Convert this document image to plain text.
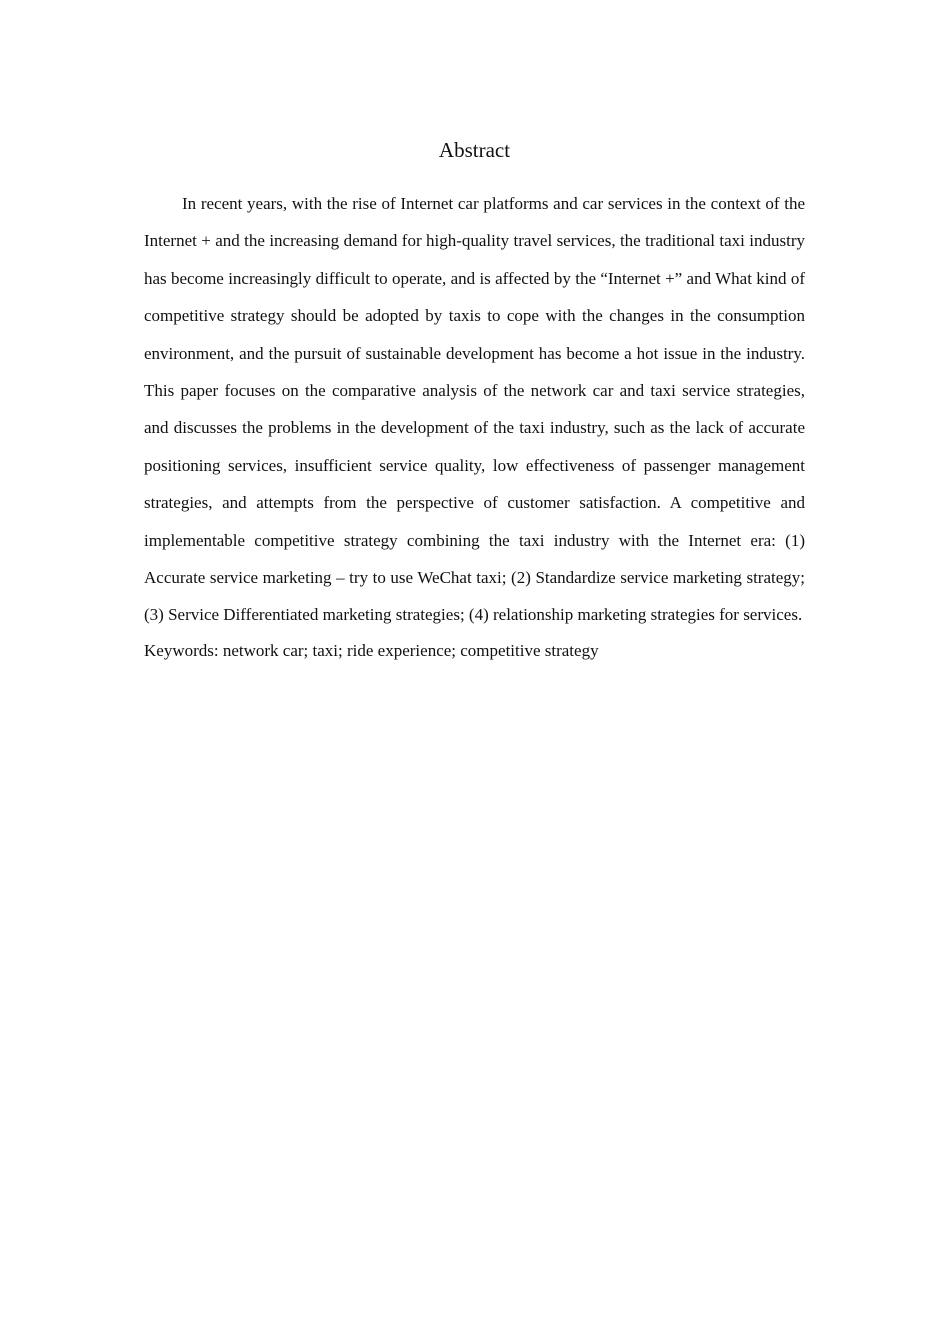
Abstract

In recent years, with the rise of Internet car platforms and car services in the context of the Internet + and the increasing demand for high-quality travel services, the traditional taxi industry has become increasingly difficult to operate, and is affected by the “Internet +” and What kind of competitive strategy should be adopted by taxis to cope with the changes in the consumption environment, and the pursuit of sustainable development has become a hot issue in the industry. This paper focuses on the comparative analysis of the network car and taxi service strategies, and discusses the problems in the development of the taxi industry, such as the lack of accurate positioning services, insufficient service quality, low effectiveness of passenger management strategies, and attempts from the perspective of customer satisfaction. A competitive and implementable competitive strategy combining the taxi industry with the Internet era: (1) Accurate service marketing – try to use WeChat taxi; (2) Standardize service marketing strategy; (3) Service Differentiated marketing strategies; (4) relationship marketing strategies for services.

Keywords: network car; taxi; ride experience; competitive strategy
